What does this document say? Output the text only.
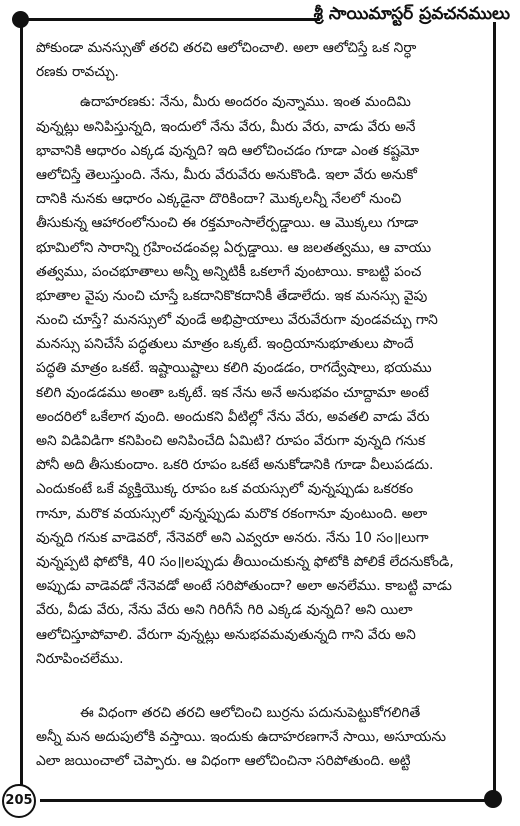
శ్రీ సాయిమాస్టర్ ప్రవచనములు
పోకుండా మనస్సుతో తరచి తరచి ఆలోచించాలి. అలా ఆలోచిస్తే ఒక నిర్ధా
రణకు రావచ్చు.
ఉదాహరణకు: నేను, మీరు అందరం వున్నాము. ఇంత మందిమి
వున్నట్లు అనిపిస్తున్నది, ఇందులో నేను వేరు, మీరు వేరు, వాడు వేరు అనే
భావానికి ఆధారం ఎక్కడ వున్నది? ఇది ఆలోచించడం గూడా ఎంత కష్టమో
ఆలోచిస్తే తెలుస్తుంది. నేను, మీరు వేరువేరు అనుకొండి. ఇలా వేరు అనుకో
దానికి నునకు ఆధారం ఎక్కడైనా దొరికిందా? మొక్కలన్నీ నేలలో నుంచి
తీసుకున్న ఆహారంలోనుంచి ఈ రక్తమాంసాలేర్పడ్డాయి. ఆ మొక్కలు గూడా
భూమిలోని సారాన్ని గ్రహించడంవల్ల ఏర్పడ్డాయి. ఆ జలతత్వము, ఆ వాయు
తత్వము, పంచభూతాలు అన్నీ అన్నిటికీ ఒకలాగే వుంటాయి. కాబట్టి పంచ
భూతాల వైపు నుంచి చూస్తే ఒకదానికొకదానికీ తేడాలేదు. ఇక మనస్సు వైపు
నుంచి చూస్తే? మనస్సులో వుండే అభిప్రాయాలు వేరువేరుగా వుండవచ్చు గాని
మనస్సు పనిచేసే పద్ధతులు మాత్రం ఒక్కటే. ఇంద్రియానుభూతులు పొందే
పద్ధతి మాత్రం ఒకటే. ఇష్టాయిష్టాలు కలిగి వుండడం, రాగద్వేషాలు, భయము
కలిగి వుండడము అంతా ఒక్కటే. ఇక నేను అనే అనుభవం చూద్దామా అంటే
అందరిలో ఒకేలాగ వుంది. అందుకని వీటిల్లో నేను వేరు, అవతలి వాడు వేరు
అని విడివిడిగా కనిపించి అనిపించేది ఏమిటి? రూపం వేరుగా వున్నది గనుక
పోనీ అది తీసుకుందాం. ఒకరి రూపం ఒకటే అనుకోడానికి గూడా వీలుపడదు.
ఎందుకంటే ఒకే వ్యక్తియొక్క రూపం ఒక వయస్సులో వున్నప్పుడు ఒకరకం
గానూ, మరొక వయస్సులో వున్నప్పుడు మరొక రకంగానూ వుంటుంది. అలా
వున్నది గనుక వాడెవరో, నేనెవరో అని ఎవ్వరూ అనరు. నేను 10 సం॥లుగా
వున్నప్పటి ఫోటోకి, 40 సం॥లప్పుడు తీయించుకున్న ఫోటోకి పోలికే లేదనుకోండి,
అప్పుడు వాడెవడో నేనెవడో అంటే సరిపోతుందా? అలా అనలేము. కాబట్టి వాడు
వేరు, వీడు వేరు, నేను వేరు అని గిరిగీసే గిరి ఎక్కడ వున్నది? అని యిలా
ఆలోచిస్తూపోవాలి. వేరుగా వున్నట్లు అనుభవమవుతున్నది గాని వేరు అని
నిరూపించలేము.
ఈ విధంగా తరచి తరచి ఆలోచించి బుర్రను పదునుపెట్టుకోగలిగితే
అన్నీ మన అదుపులోకి వస్తాయి. ఇందుకు ఉదాహరణగానే సాయి, అసూయను
ఎలా జయించాలో చెప్పారు. ఆ విధంగా ఆలోచించినా సరిపోతుంది. అట్టి
205
